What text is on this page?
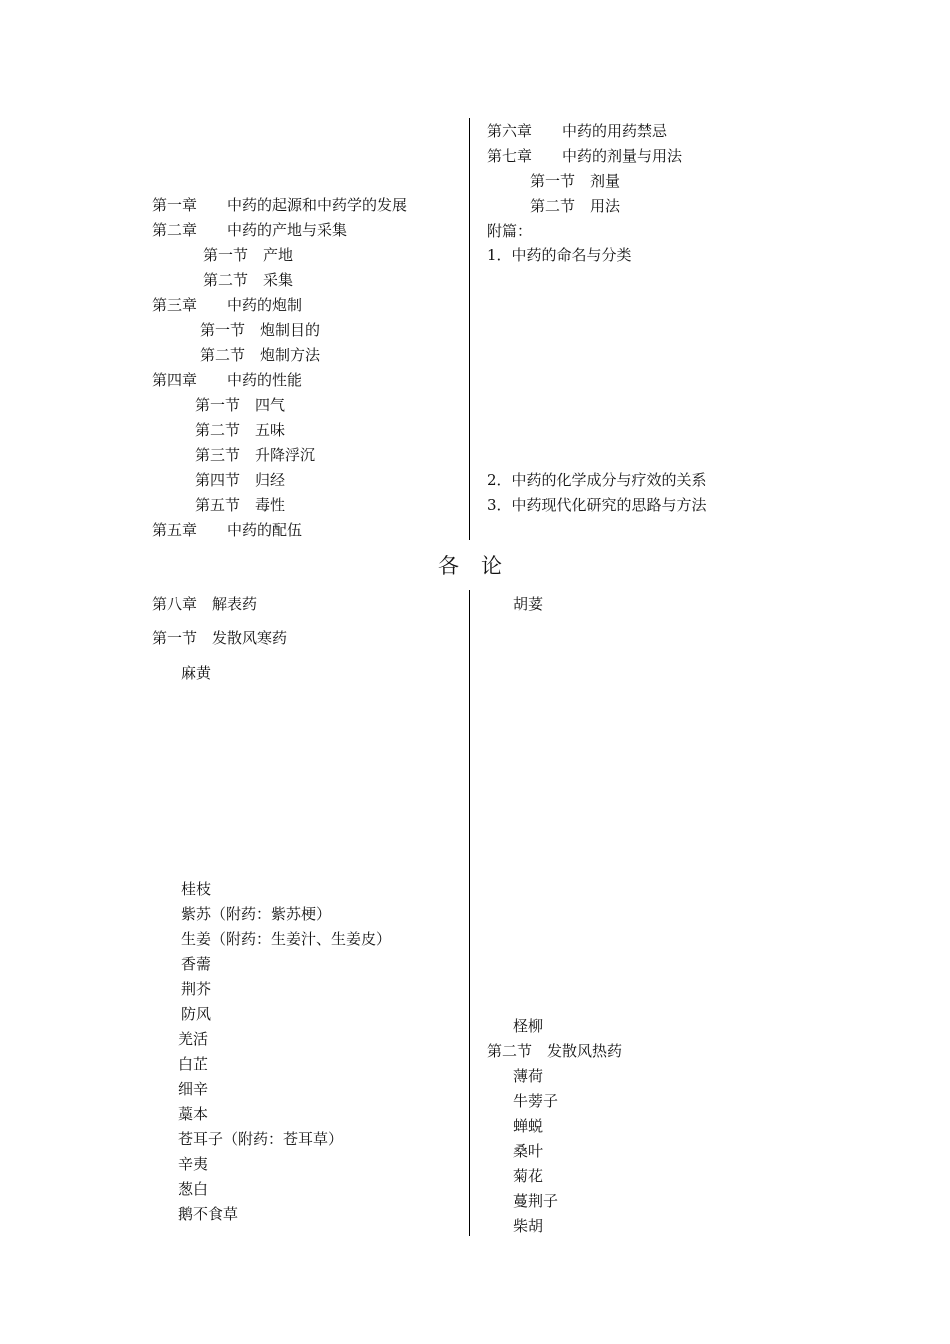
第一章　　中药的起源和中药学的发展
第二章　　中药的产地与采集
第一节　产地
第二节　采集
第三章　　中药的炮制
第一节　炮制目的
第二节　炮制方法
第四章　　中药的性能
第一节　四气
第二节　五味
第三节　升降浮沉
第四节　归经
第五节　毒性
第五章　　中药的配伍
第六章　　中药的用药禁忌
第七章　　中药的剂量与用法
第一节　剂量
第二节　用法
附篇：
1．中药的命名与分类
2．中药的化学成分与疗效的关系
3．中药现代化研究的思路与方法
各论
第八章　解表药
第一节　发散风寒药
麻黄
桂枝
紫苏（附药：紫苏梗）
生姜（附药：生姜汁、生姜皮）
香薷
荆芥
防风
羌活
白芷
细辛
藁本
苍耳子（附药：苍耳草）
辛夷
葱白
鹅不食草
胡荽
柽柳
第二节　发散风热药
薄荷
牛蒡子
蝉蜕
桑叶
菊花
蔓荆子
柴胡
